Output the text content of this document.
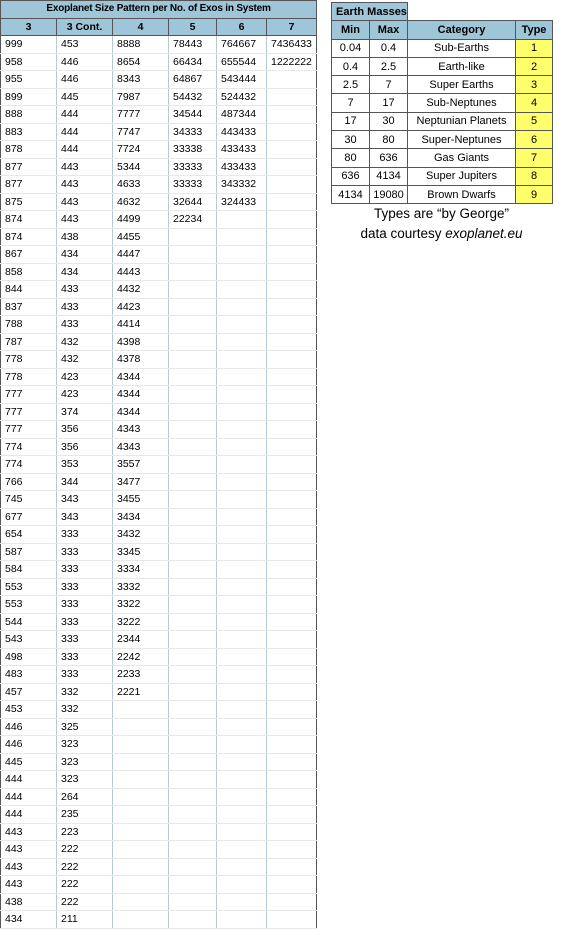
Exoplanet Size Pattern per No. of Exos in System					
3	3 Cont.	4	5	6	7
999	453	8888	78443	764667	7436433
958	446	8654	66434	655544	1222222
955	446	8343	64867	543444	
899	445	7987	54432	524432	
888	444	7777	34544	487344	
883	444	7747	34333	443433	
878	444	7724	33338	433433	
877	443	5344	33333	433433	
877	443	4633	33333	343332	
875	443	4632	32644	324433	
874	443	4499	22234		
874	438	4455			
867	434	4447			
858	434	4443			
844	433	4432			
837	433	4423			
788	433	4414			
787	432	4398			
778	432	4378			
778	423	4344			
777	423	4344			
777	374	4344			
777	356	4343			
774	356	4343			
774	353	3557			
766	344	3477			
745	343	3455			
677	343	3434			
654	333	3432			
587	333	3345			
584	333	3334			
553	333	3332			
553	333	3322			
544	333	3222			
543	333	2344			
498	333	2242			
483	333	2233			
457	332	2221			
453	332				
446	325				
446	323				
445	323				
444	323				
444	264				
444	235				
443	223				
443	222				
443	222				
443	222				
438	222				
434	211				
Earth Masses			
Min	Max	Category	Type
0.04	0.4	Sub-Earths	1
0.4	2.5	Earth-like	2
2.5	7	Super Earths	3
7	17	Sub-Neptunes	4
17	30	Neptunian Planets	5
30	80	Super-Neptunes	6
80	636	Gas Giants	7
636	4134	Super Jupiters	8
4134	19080	Brown Dwarfs	9
Types are “by George”
data courtesy exoplanet.eu
